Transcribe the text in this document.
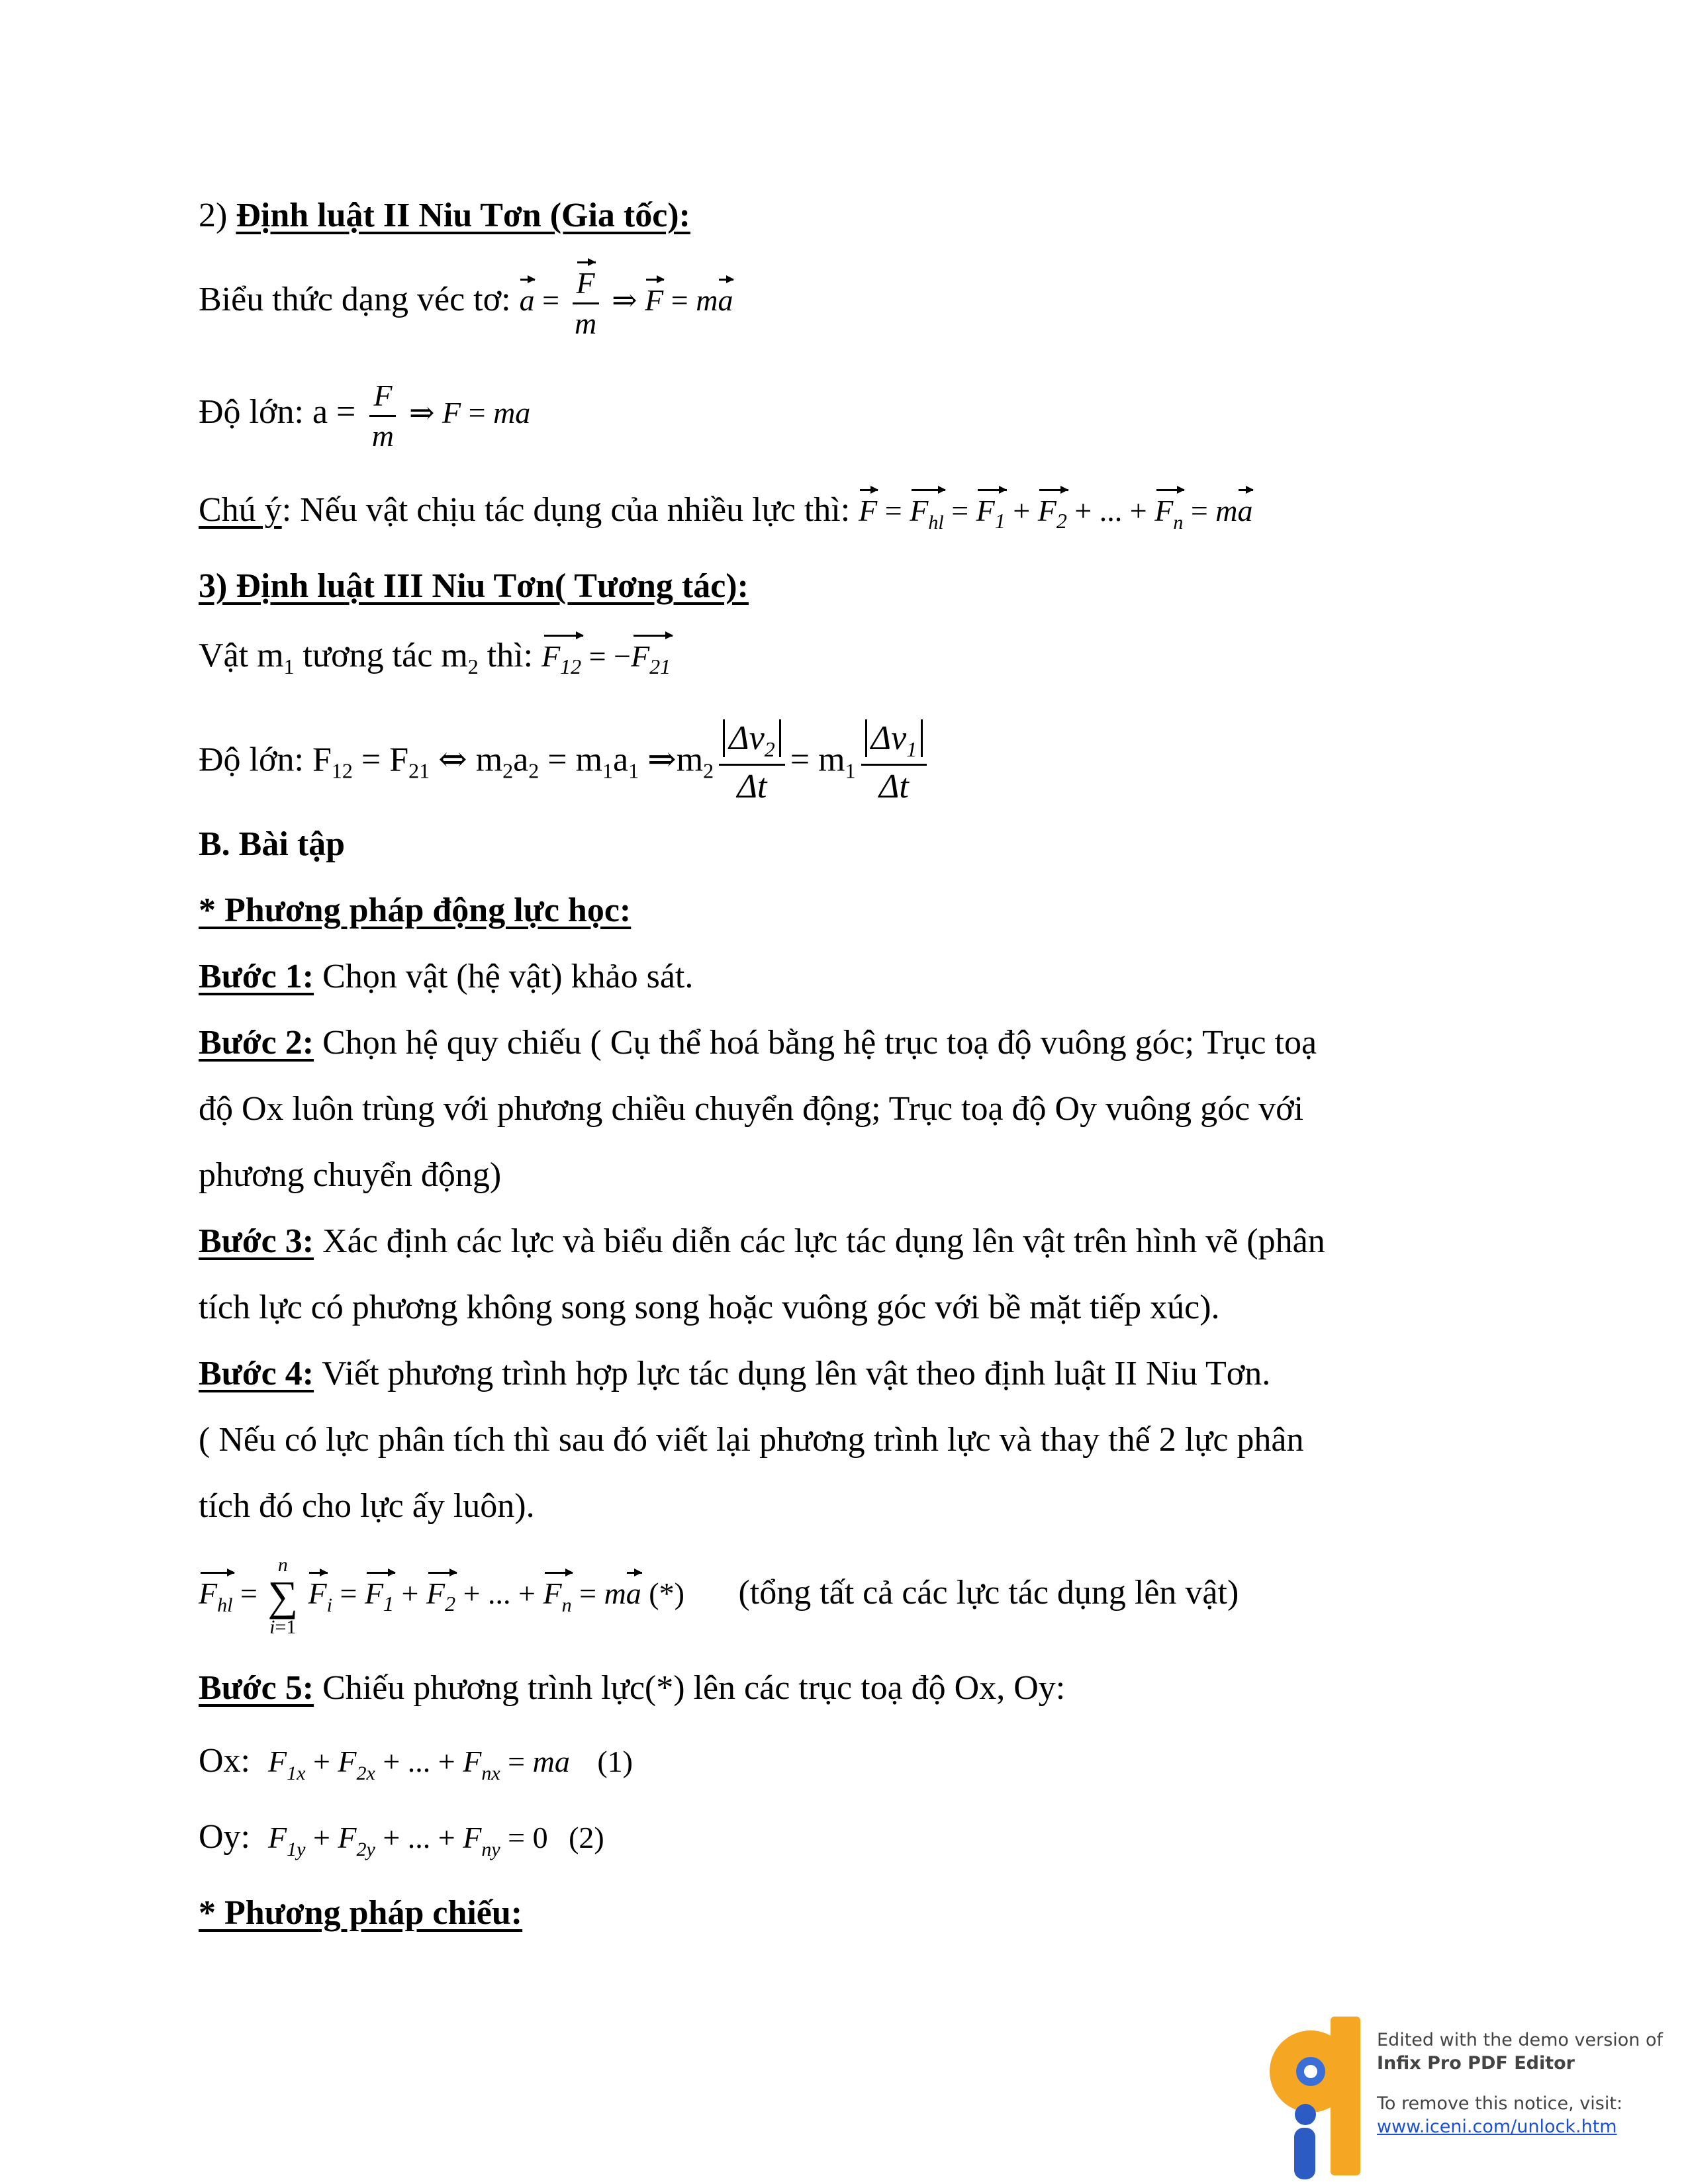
2) Định luật II Niu Tơn (Gia tốc):
Biểu thức dạng véc tơ: $a = \frac{F}{m}$ ⇒ F = ma
Độ lớn: $a = \frac{F}{m}$ ⇒ F = ma
Chú ý: Nếu vật chịu tác dụng của nhiều lực thì: $F = F_{hl} = F_1 + F_2$ + ... + $F_n$ = ma
3) Định luật III Niu Tơn( Tương tác):
Vật $m_1$ tương tác $m_2$ thì: $F_{12} = -F_{21}$
Độ lớn: $F_{12} = F_{21}$ ⇔ $m_2a_2 = m_1a_1$ $\Rightarrow m_2 \frac{\Delta v_2}{\Delta t} = m_1 \frac{\Delta v_1}{\Delta t}$
B. Bài tập
* Phương pháp động lực học:
Bước 1: Chọn vật (hệ vật) khảo sát.
Bước 2: Chọn hệ quy chiếu ( Cụ thể hoá bằng hệ trục toạ độ vuông góc; Trục toạ
độ Ox luôn trùng với phương chiều chuyển động; Trục toạ độ Oy vuông góc với
phương chuyển động)
Bước 3: Xác định các lực và biểu diễn các lực tác dụng lên vật trên hình vẽ (phân
tích lực có phương không song song hoặc vuông góc với bề mặt tiếp xúc).
Bước 4: Viết phương trình hợp lực tác dụng lên vật theo định luật II Niu Tơn.
( Nếu có lực phân tích thì sau đó viết lại phương trình lực và thay thế 2 lực phân
tích đó cho lực ấy luôn).
$F_{hl} = n$
∑
i=1 $F_i = F_1 + F_2$ + ... + $F_n$ = ma (*) (tổng tất cả các lực tác dụng lên vật)
Bước 5: Chiếu phương trình lực(*) lên các trục toạ độ Ox, Oy:
Ox: $F_{1x} + F_{2x}$ + ... + $F_{nx}$ = ma (1)
Oy: $F_{1y} + F_{2y}$ + ... + $F_{ny} = 0$ (2)
* Phương pháp chiếu:
Edited with the demo version of
Infix Pro PDF Editor
To remove this notice, visit:
www.iceni.com/unlock.htm
